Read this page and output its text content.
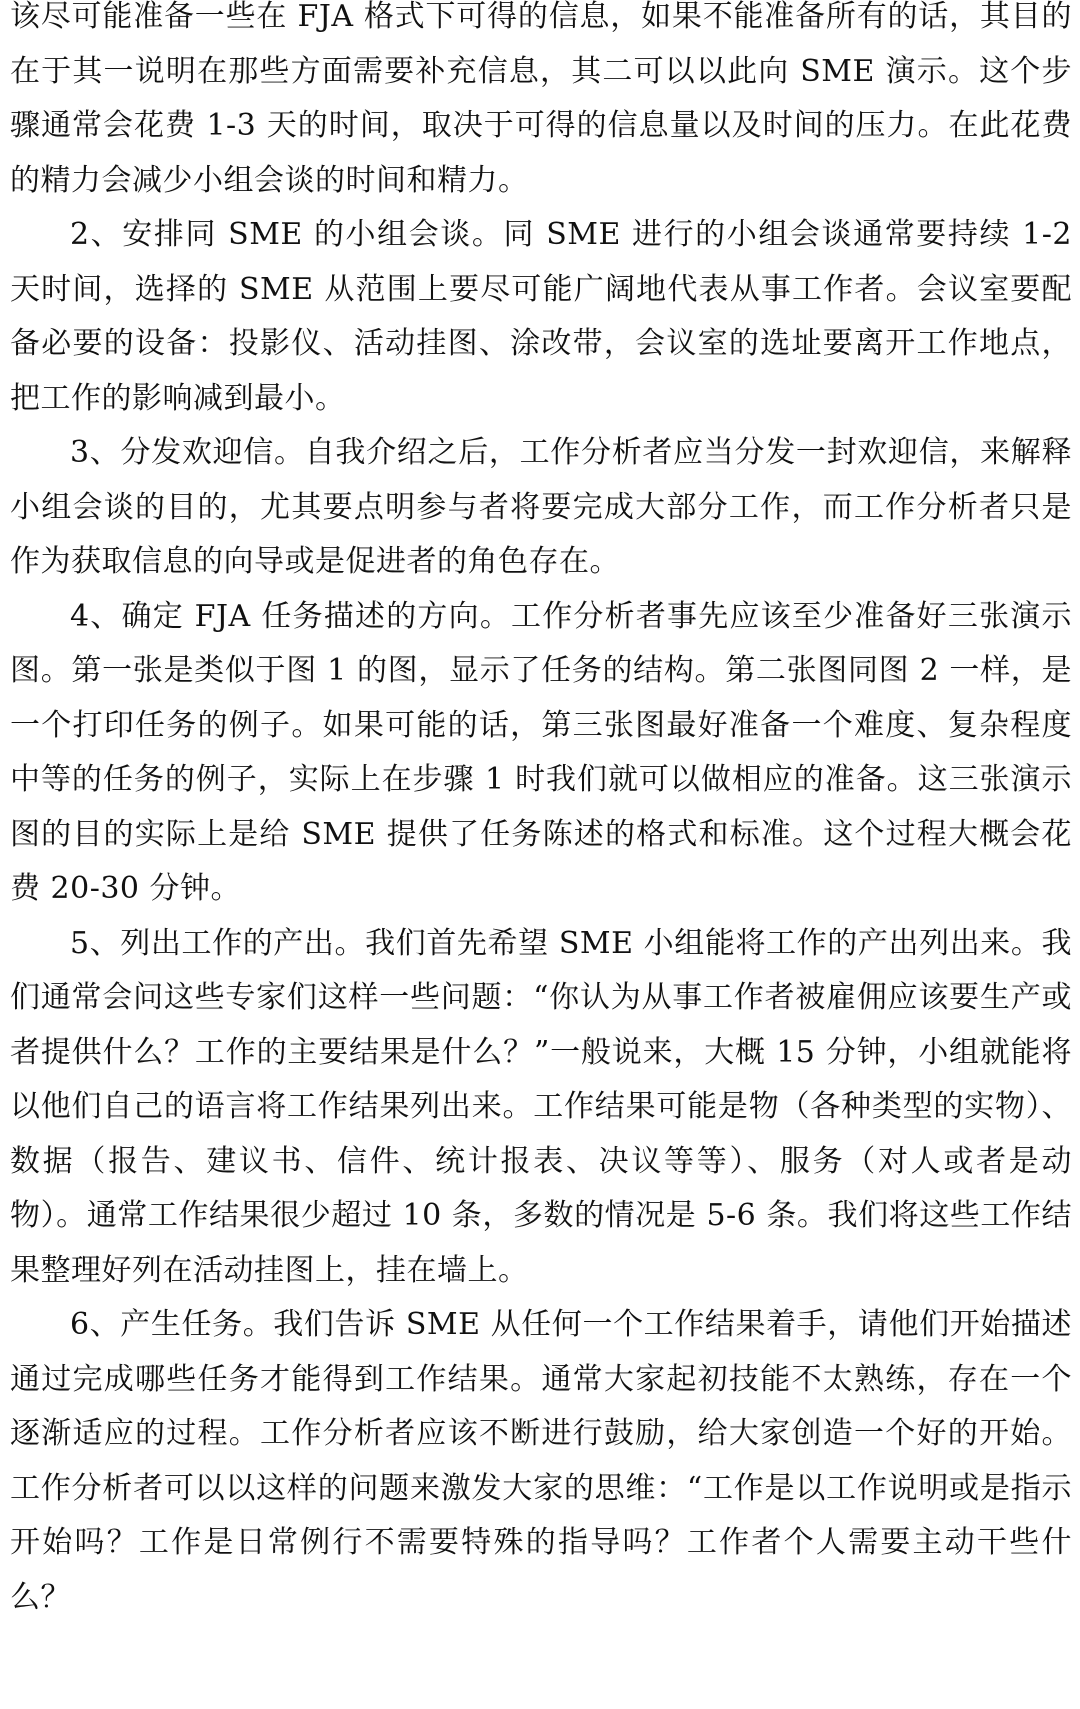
该尽可能准备一些在 FJA 格式下可得的信息，如果不能准备所有的话，其目的在于其一说明在那些方面需要补充信息，其二可以以此向 SME 演示。这个步骤通常会花费 1-3 天的时间，取决于可得的信息量以及时间的压力。在此花费的精力会减少小组会谈的时间和精力。

2、安排同 SME 的小组会谈。同 SME 进行的小组会谈通常要持续 1-2 天时间，选择的 SME 从范围上要尽可能广阔地代表从事工作者。会议室要配备必要的设备：投影仪、活动挂图、涂改带，会议室的选址要离开工作地点，把工作的影响减到最小。

3、分发欢迎信。自我介绍之后，工作分析者应当分发一封欢迎信，来解释小组会谈的目的，尤其要点明参与者将要完成大部分工作，而工作分析者只是作为获取信息的向导或是促进者的角色存在。

4、确定 FJA 任务描述的方向。工作分析者事先应该至少准备好三张演示图。第一张是类似于图 1 的图，显示了任务的结构。第二张图同图 2 一样，是一个打印任务的例子。如果可能的话，第三张图最好准备一个难度、复杂程度中等的任务的例子，实际上在步骤 1 时我们就可以做相应的准备。这三张演示图的目的实际上是给 SME 提供了任务陈述的格式和标准。这个过程大概会花费 20-30 分钟。

5、列出工作的产出。我们首先希望 SME 小组能将工作的产出列出来。我们通常会问这些专家们这样一些问题：“你认为从事工作者被雇佣应该要生产或者提供什么？工作的主要结果是什么？”一般说来，大概 15 分钟，小组就能将以他们自己的语言将工作结果列出来。工作结果可能是物（各种类型的实物）、数据（报告、建议书、信件、统计报表、决议等等）、服务（对人或者是动物）。通常工作结果很少超过 10 条，多数的情况是 5-6 条。我们将这些工作结果整理好列在活动挂图上，挂在墙上。

6、产生任务。我们告诉 SME 从任何一个工作结果着手，请他们开始描述通过完成哪些任务才能得到工作结果。通常大家起初技能不太熟练，存在一个逐渐适应的过程。工作分析者应该不断进行鼓励，给大家创造一个好的开始。工作分析者可以以这样的问题来激发大家的思维：“工作是以工作说明或是指示开始吗？工作是日常例行不需要特殊的指导吗？工作者个人需要主动干些什么？
